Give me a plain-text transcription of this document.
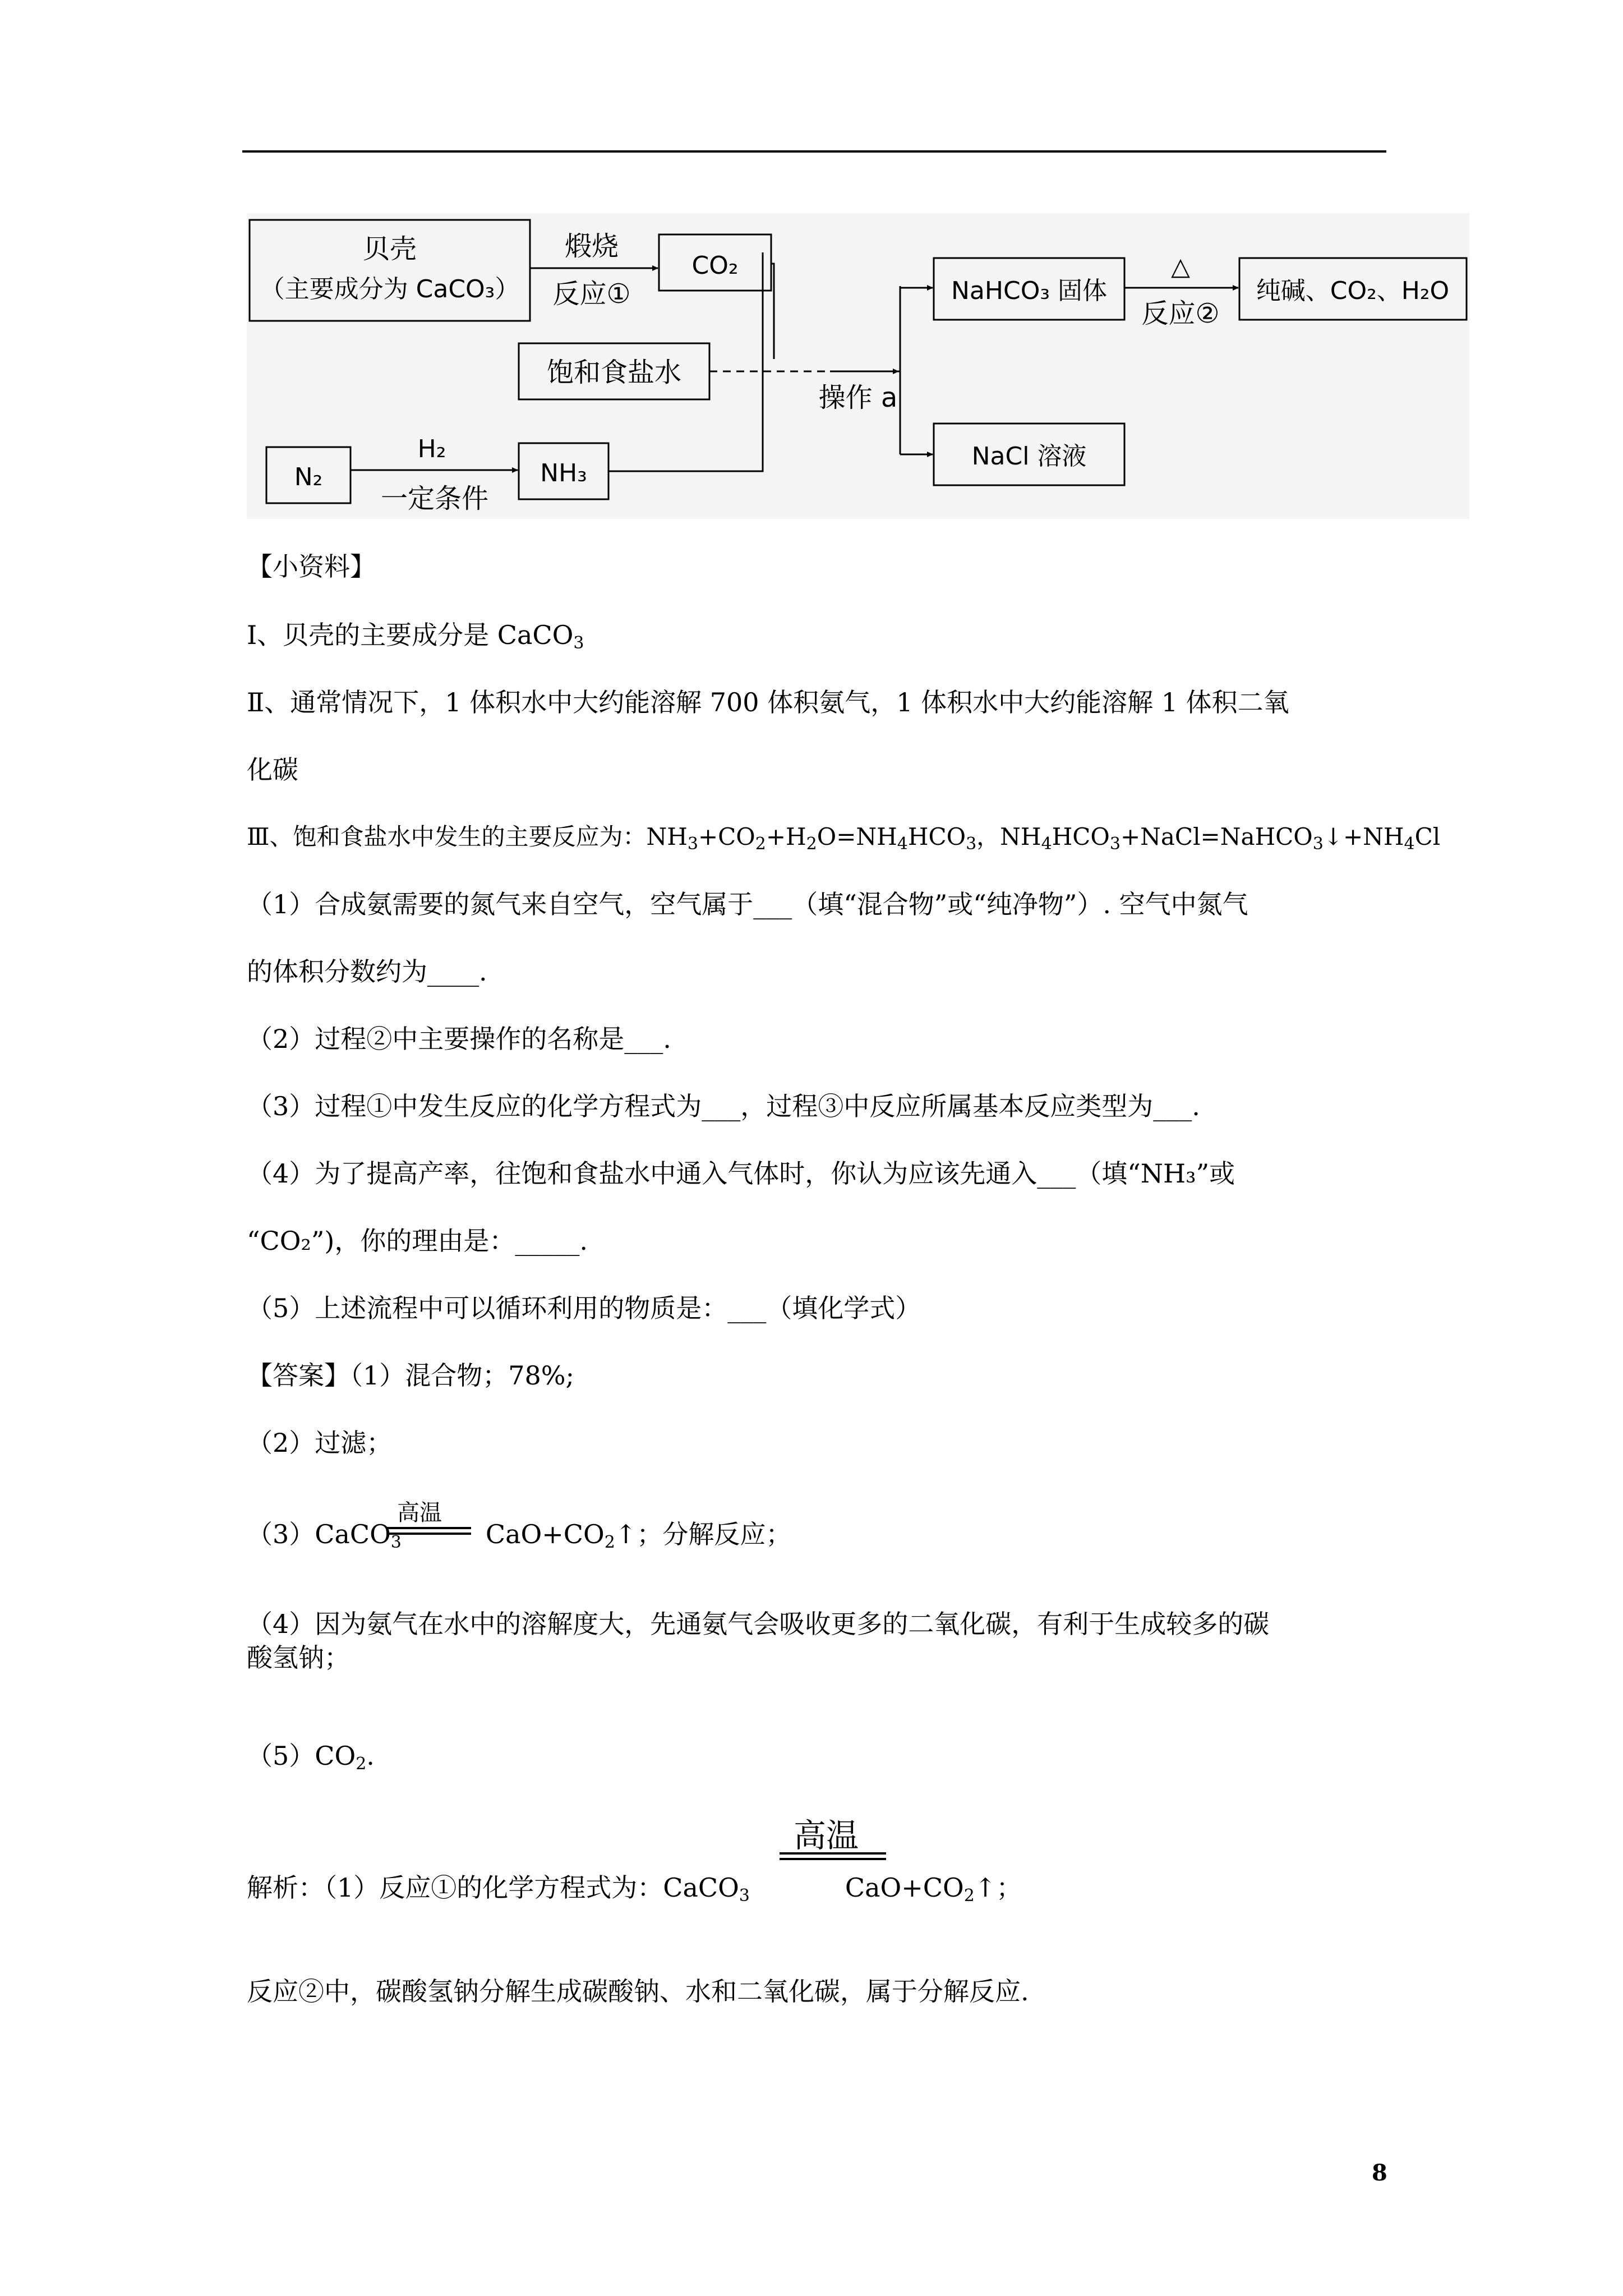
贝壳
（主要成分为 CaCO₃）
煅烧
反应①
CO₂
饱和食盐水
操作 a
N₂
H₂
一定条件
NH₃
NaHCO₃ 固体
△
反应②
纯碱、CO₂、H₂O
NaCl 溶液
【小资料】
Ⅰ、贝壳的主要成分是 CaCO$_3$
Ⅱ、通常情况下，1 体积水中大约能溶解 700 体积氨气，1 体积水中大约能溶解 1 体积二氧
化碳
Ⅲ、饱和食盐水中发生的主要反应为：$NH_3+CO_2+H_2O=NH_4HCO_3$，$NH_4HCO_3+NaCl=NaHCO_3↓+NH_4Cl$
（1）合成氨需要的氮气来自空气，空气属于___（填“混合物”或“纯净物”）. 空气中氮气
的体积分数约为____.
（2）过程②中主要操作的名称是___.
（3）过程①中发生反应的化学方程式为___，过程③中反应所属基本反应类型为___.
（4）为了提高产率，往饱和食盐水中通入气体时，你认为应该先通入___（填“NH₃”或
“CO₂”)，你的理由是：_____.
（5）上述流程中可以循环利用的物质是：___（填化学式）
【答案】（1）混合物；78%;
（2）过滤；
（3）CaCO$_3$	$CaO+CO_2↑$；分解反应；
高温
（4）因为氨气在水中的溶解度大，先通氨气会吸收更多的二氧化碳，有利于生成较多的碳
酸氢钠；
$(5)CO_2$.
高温
解析：（1）反应①的化学方程式为：CaCO$_3$	$CaO+CO_2↑$；
反应②中，碳酸氢钠分解生成碳酸钠、水和二氧化碳，属于分解反应.
8
